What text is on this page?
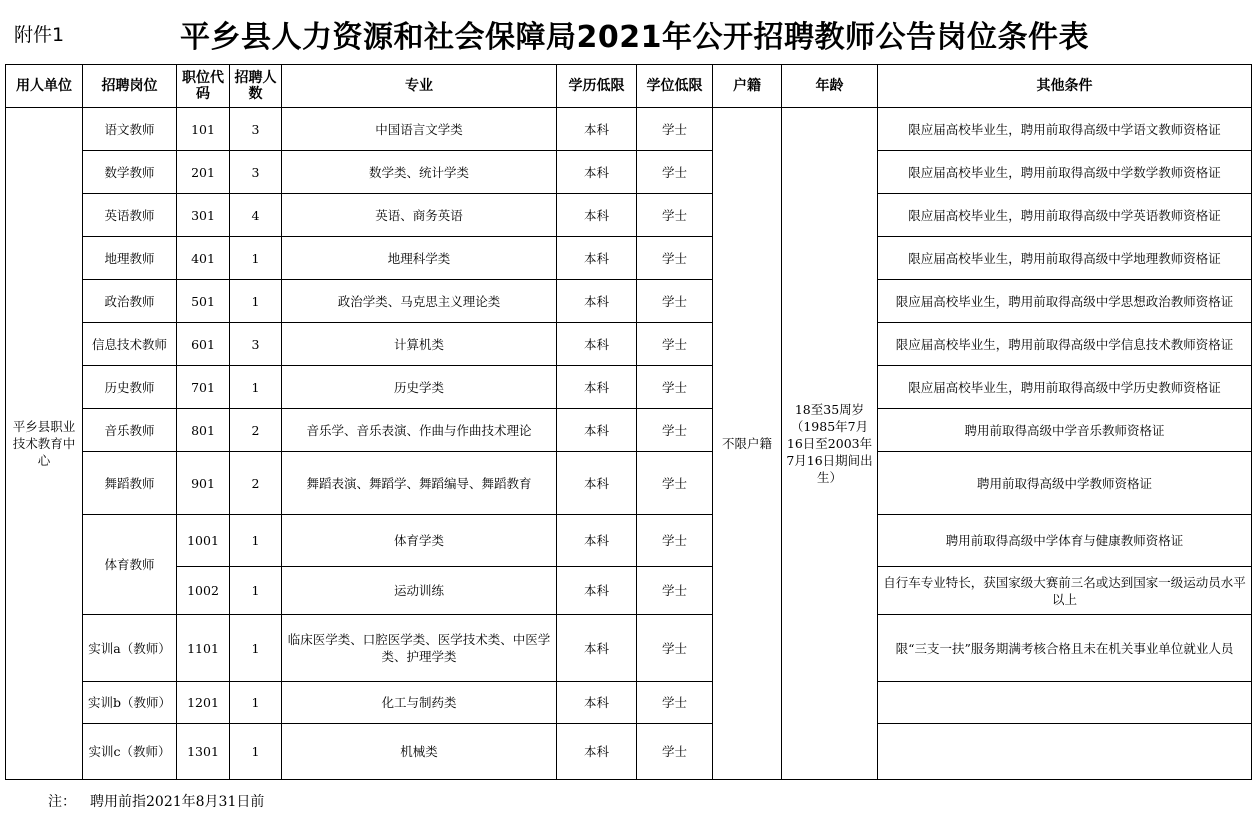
附件1	平乡县人力资源和社会保障局2021年公开招聘教师公告岗位条件表
用人单位	招聘岗位	职位代码	招聘人数	专业	学历低限	学位低限	户籍	年龄	其他条件
平乡县职业技术教育中心	语文教师	101	3	中国语言文学类	本科	学士	不限户籍	18至35周岁（1985年7月16日至2003年7月16日期间出生）	限应届高校毕业生，聘用前取得高级中学语文教师资格证
	数学教师	201	3	数学类、统计学类	本科	学士			限应届高校毕业生，聘用前取得高级中学数学教师资格证
	英语教师	301	4	英语、商务英语	本科	学士			限应届高校毕业生，聘用前取得高级中学英语教师资格证
	地理教师	401	1	地理科学类	本科	学士			限应届高校毕业生，聘用前取得高级中学地理教师资格证
	政治教师	501	1	政治学类、马克思主义理论类	本科	学士			限应届高校毕业生，聘用前取得高级中学思想政治教师资格证
	信息技术教师	601	3	计算机类	本科	学士			限应届高校毕业生，聘用前取得高级中学信息技术教师资格证
	历史教师	701	1	历史学类	本科	学士			限应届高校毕业生，聘用前取得高级中学历史教师资格证
	音乐教师	801	2	音乐学、音乐表演、作曲与作曲技术理论	本科	学士			聘用前取得高级中学音乐教师资格证
	舞蹈教师	901	2	舞蹈表演、舞蹈学、舞蹈编导、舞蹈教育	本科	学士			聘用前取得高级中学教师资格证
	体育教师	1001	1	体育学类	本科	学士			聘用前取得高级中学体育与健康教师资格证
		1002	1	运动训练	本科	学士			自行车专业特长，获国家级大赛前三名或达到国家一级运动员水平以上
	实训a（教师）	1101	1	临床医学类、口腔医学类、医学技术类、中医学类、护理学类	本科	学士			限“三支一扶”服务期满考核合格且未在机关事业单位就业人员
	实训b（教师）	1201	1	化工与制药类	本科	学士			
	实训c（教师）	1301	1	机械类	本科	学士			
注： 聘用前指2021年8月31日前
